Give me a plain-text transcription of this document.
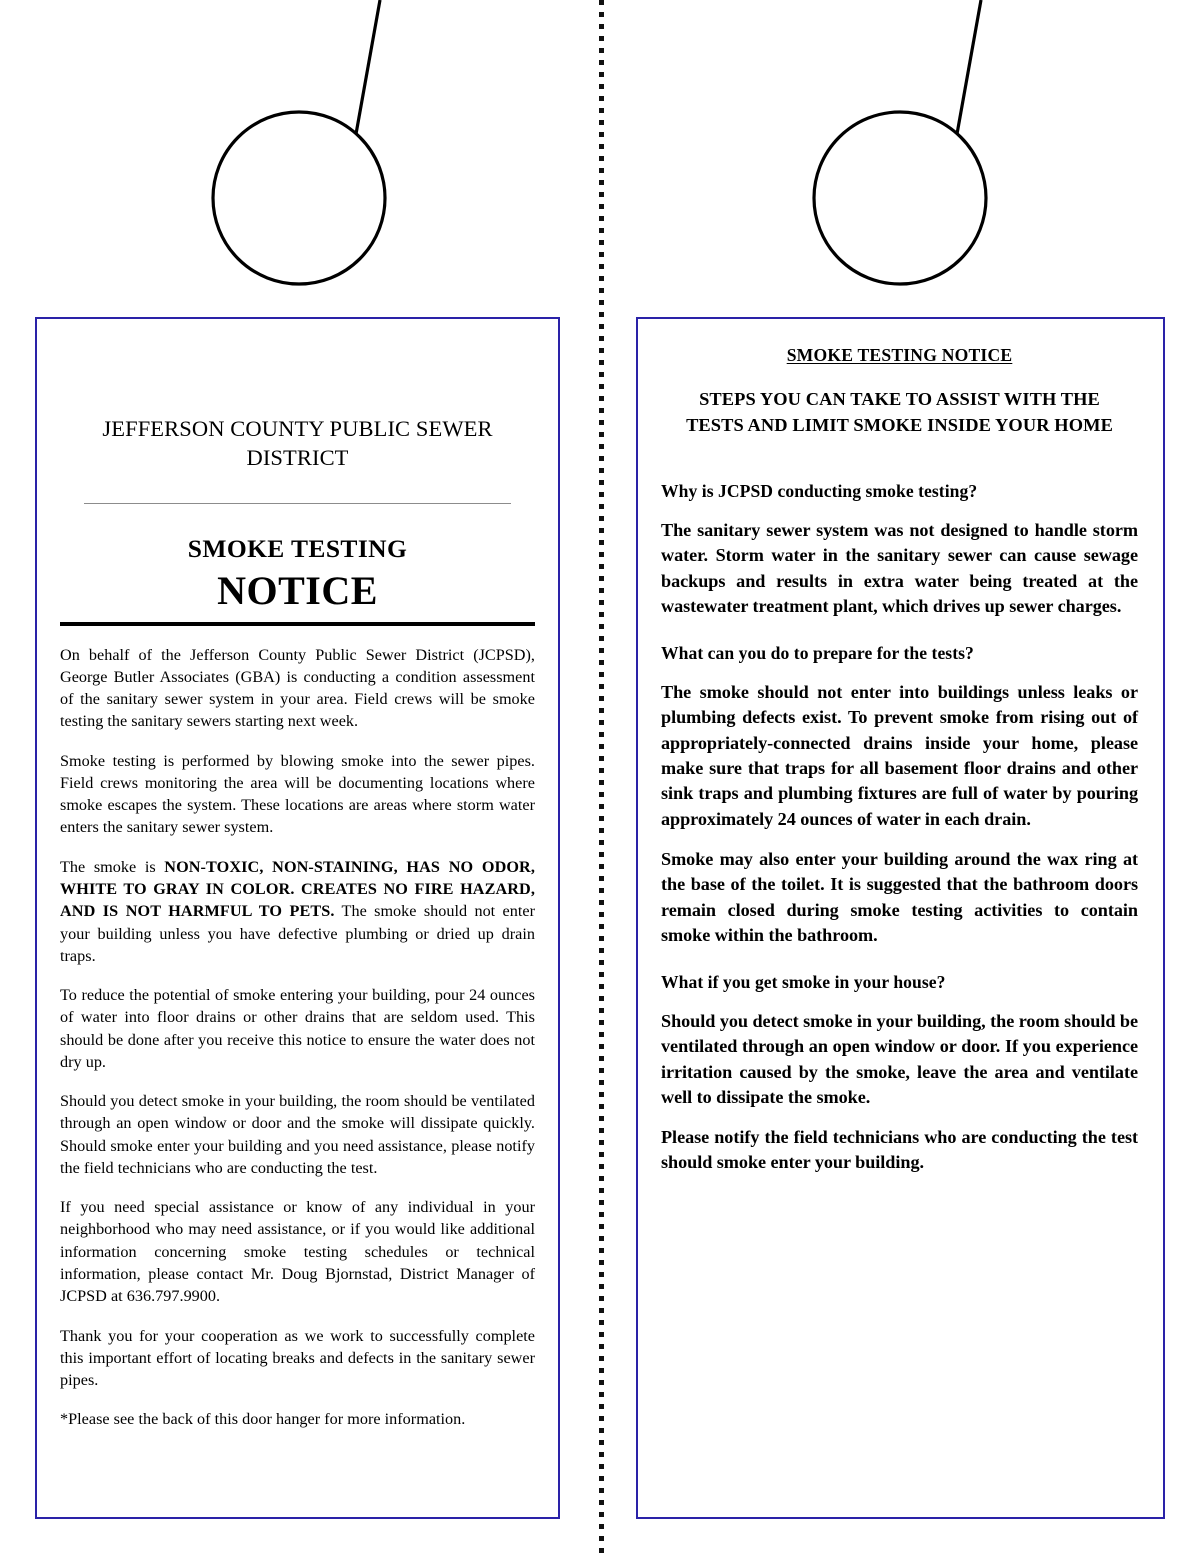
JEFFERSON COUNTY PUBLIC SEWER DISTRICT
SMOKE TESTING
NOTICE

On behalf of the Jefferson County Public Sewer District (JCPSD), George Butler Associates (GBA) is conducting a condition assessment of the sanitary sewer system in your area. Field crews will be smoke testing the sanitary sewers starting next week.

Smoke testing is performed by blowing smoke into the sewer pipes. Field crews monitoring the area will be documenting locations where smoke escapes the system. These locations are areas where storm water enters the sanitary sewer system.

The smoke is NON-TOXIC, NON-STAINING, HAS NO ODOR, WHITE TO GRAY IN COLOR. CREATES NO FIRE HAZARD, AND IS NOT HARMFUL TO PETS. The smoke should not enter your building unless you have defective plumbing or dried up drain traps.

To reduce the potential of smoke entering your building, pour 24 ounces of water into floor drains or other drains that are seldom used. This should be done after you receive this notice to ensure the water does not dry up.

Should you detect smoke in your building, the room should be ventilated through an open window or door and the smoke will dissipate quickly. Should smoke enter your building and you need assistance, please notify the field technicians who are conducting the test.

If you need special assistance or know of any individual in your neighborhood who may need assistance, or if you would like additional information concerning smoke testing schedules or technical information, please contact Mr. Doug Bjornstad, District Manager of JCPSD at 636.797.9900.

Thank you for your cooperation as we work to successfully complete this important effort of locating breaks and defects in the sanitary sewer pipes.

*Please see the back of this door hanger for more information.

SMOKE TESTING NOTICE
STEPS YOU CAN TAKE TO ASSIST WITH THE TESTS AND LIMIT SMOKE INSIDE YOUR HOME
Why is JCPSD conducting smoke testing?

The sanitary sewer system was not designed to handle storm water. Storm water in the sanitary sewer can cause sewage backups and results in extra water being treated at the wastewater treatment plant, which drives up sewer charges.

What can you do to prepare for the tests?

The smoke should not enter into buildings unless leaks or plumbing defects exist. To prevent smoke from rising out of appropriately-connected drains inside your home, please make sure that traps for all basement floor drains and other sink traps and plumbing fixtures are full of water by pouring approximately 24 ounces of water in each drain.

Smoke may also enter your building around the wax ring at the base of the toilet. It is suggested that the bathroom doors remain closed during smoke testing activities to contain smoke within the bathroom.

What if you get smoke in your house?

Should you detect smoke in your building, the room should be ventilated through an open window or door. If you experience irritation caused by the smoke, leave the area and ventilate well to dissipate the smoke.

Please notify the field technicians who are conducting the test should smoke enter your building.
